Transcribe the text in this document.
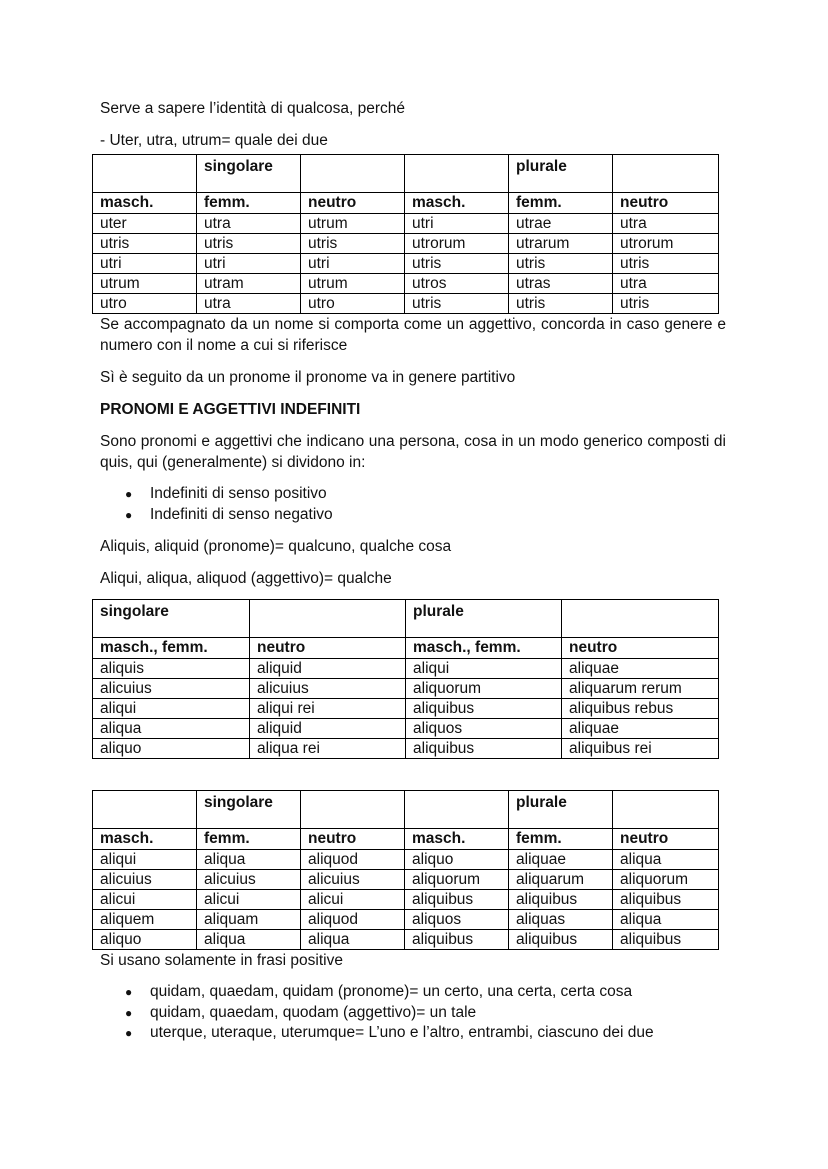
Serve a sapere l’identità di qualcosa, perché

- Uter, utra, utrum= quale dei due

	singolare			plurale	
masch.	femm.	neutro	masch.	femm.	neutro
uter	utra	utrum	utri	utrae	utra
utris	utris	utris	utrorum	utrarum	utrorum
utri	utri	utri	utris	utris	utris
utrum	utram	utrum	utros	utras	utra
utro	utra	utro	utris	utris	utris

Se accompagnato da un nome si comporta come un aggettivo, concorda in caso genere e numero con il nome a cui si riferisce

Sì è seguito da un pronome il pronome va in genere partitivo

PRONOMI E AGGETTIVI INDEFINITI

Sono pronomi e aggettivi che indicano una persona, cosa in un modo generico composti di quis, qui (generalmente) si dividono in:

● Indefiniti di senso positivo
● Indefiniti di senso negativo

Aliquis, aliquid (pronome)= qualcuno, qualche cosa

Aliqui, aliqua, aliquod (aggettivo)= qualche

singolare		plurale	
masch., femm.	neutro	masch., femm.	neutro
aliquis	aliquid	aliqui	aliquae
alicuius	alicuius	aliquorum	aliquarum rerum
aliqui	aliqui rei	aliquibus	aliquibus rebus
aliqua	aliquid	aliquos	aliquae
aliquo	aliqua rei	aliquibus	aliquibus rei
	singolare			plurale	
masch.	femm.	neutro	masch.	femm.	neutro
aliqui	aliqua	aliquod	aliquo	aliquae	aliqua
alicuius	alicuius	alicuius	aliquorum	aliquarum	aliquorum
alicui	alicui	alicui	aliquibus	aliquibus	aliquibus
aliquem	aliquam	aliquod	aliquos	aliquas	aliqua
aliquo	aliqua	aliqua	aliquibus	aliquibus	aliquibus

Si usano solamente in frasi positive

● quidam, quaedam, quidam (pronome)= un certo, una certa, certa cosa
● quidam, quaedam, quodam (aggettivo)= un tale
● uterque, uteraque, uterumque= L’uno e l’altro, entrambi, ciascuno dei due
